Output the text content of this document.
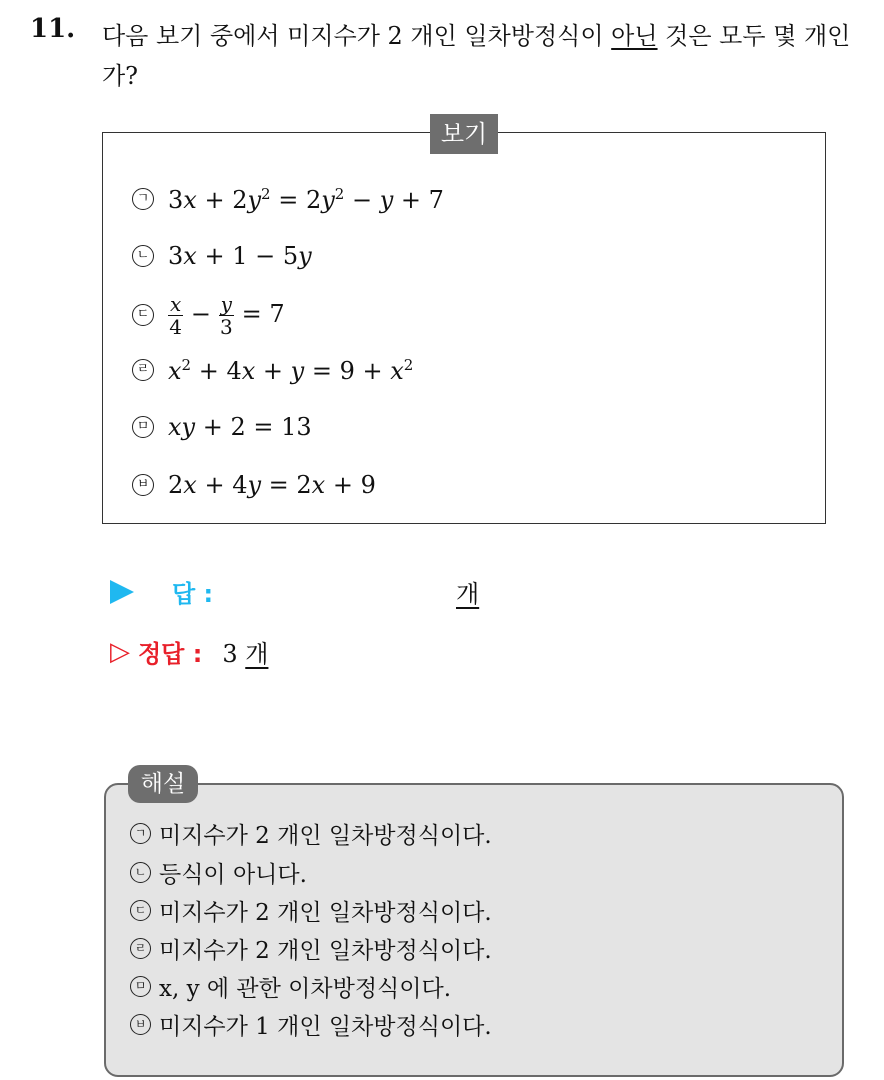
11. 다음 보기 중에서 미지수가 2 개인 일차방정식이 아닌 것은 모두 몇 개인가?
보기
ㄱ $3x + 2y^2 = 2y^2 - y + 7$
ㄴ 3x + 1 − 5y
ㄷ $\frac{x}{4} - \frac{y}{3} = 7$
ㄹ $x^2 + 4x + y = 9 + x^2$
ㅁ xy + 2 = 13
ㅂ 2x + 4y = 2x + 9
답 :	개
▷ 정답 : 3 개
해설
ㄱ 미지수가 2 개인 일차방정식이다.
ㄴ 등식이 아니다.
ㄷ 미지수가 2 개인 일차방정식이다.
ㄹ 미지수가 2 개인 일차방정식이다.
ㅁ x, y 에 관한 이차방정식이다.
ㅂ 미지수가 1 개인 일차방정식이다.
